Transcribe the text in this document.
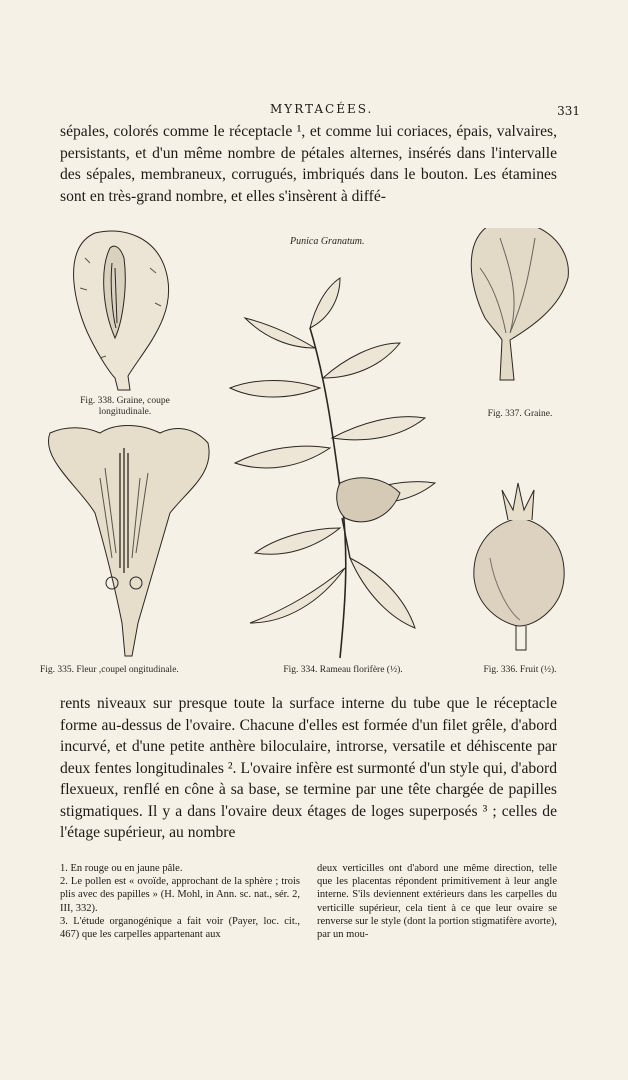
MYRTACÉES.	331

sépales, colorés comme le réceptacle ¹, et comme lui coriaces, épais, valvaires, persistants, et d'un même nombre de pétales alternes, insérés dans l'intervalle des sépales, membraneux, corrugués, imbriqués dans le bouton. Les étamines sont en très-grand nombre, et elles s'insèrent à diffé-

Punica Granatum.
Fig. 338. Graine, coupe longitudinale.	Fig. 337. Graine.
Fig. 335. Fleur ,coupel ongitudinale.	Fig. 334. Rameau florifère (½).	Fig. 336. Fruit (½).

rents niveaux sur presque toute la surface interne du tube que le réceptacle forme au-dessus de l'ovaire. Chacune d'elles est formée d'un filet grêle, d'abord incurvé, et d'une petite anthère biloculaire, introrse, versatile et déhiscente par deux fentes longitudinales ². L'ovaire infère est surmonté d'un style qui, d'abord flexueux, renflé en cône à sa base, se termine par une tête chargée de papilles stigmatiques. Il y a dans l'ovaire deux étages de loges superposés ³ ; celles de l'étage supérieur, au nombre

1. En rouge ou en jaune pâle.

2. Le pollen est « ovoïde, approchant de la sphère ; trois plis avec des papilles » (H. Mohl, in Ann. sc. nat., sér. 2, III, 332).

3. L'étude organogénique a fait voir (Payer, loc. cit., 467) que les carpelles appartenant aux

deux verticilles ont d'abord une même direction, telle que les placentas répondent primitivement à leur angle interne. S'ils deviennent extérieurs dans les carpelles du verticille supérieur, cela tient à ce que leur ovaire se renverse sur le style (dont la portion stigmatifère avorte), par un mou-
